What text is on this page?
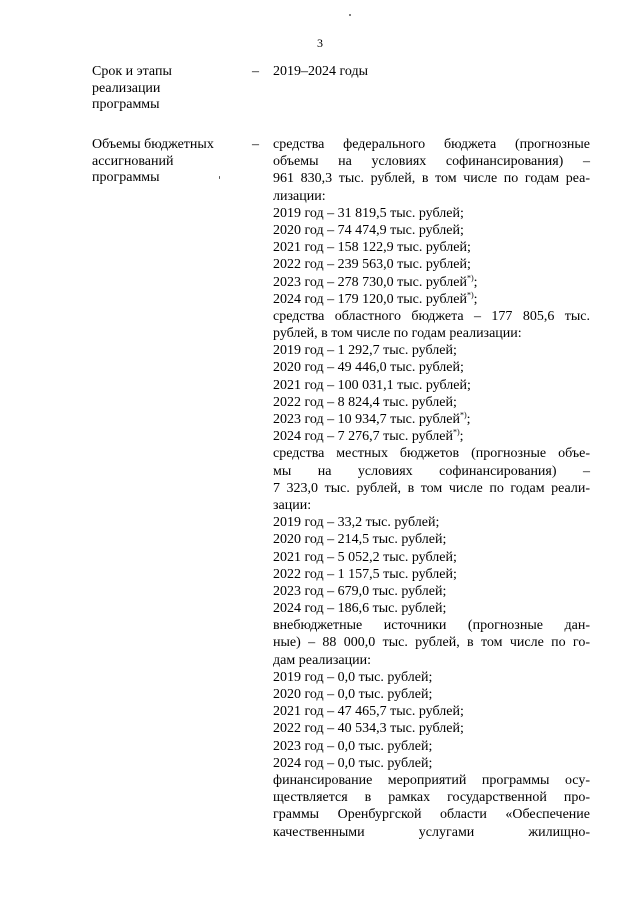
3
Срок и этапы
реализации
программы
– 2019–2024 годы
Объемы бюджетных
ассигнований
программы
– средства федерального бюджета (прогнозные
объемы на условиях софинансирования) –
961 830,3 тыс. рублей, в том числе по годам реа-
лизации:
2019 год – 31 819,5 тыс. рублей;
2020 год – 74 474,9 тыс. рублей;
2021 год – 158 122,9 тыс. рублей;
2022 год – 239 563,0 тыс. рублей;
2023 год – 278 730,0 тыс. рублей*);
2024 год – 179 120,0 тыс. рублей*);
средства областного бюджета – 177 805,6 тыс.
рублей, в том числе по годам реализации:
2019 год – 1 292,7 тыс. рублей;
2020 год – 49 446,0 тыс. рублей;
2021 год – 100 031,1 тыс. рублей;
2022 год – 8 824,4 тыс. рублей;
2023 год – 10 934,7 тыс. рублей*);
2024 год – 7 276,7 тыс. рублей*);
средства местных бюджетов (прогнозные объе-
мы на условиях софинансирования) –
7 323,0 тыс. рублей, в том числе по годам реали-
зации:
2019 год – 33,2 тыс. рублей;
2020 год – 214,5 тыс. рублей;
2021 год – 5 052,2 тыс. рублей;
2022 год – 1 157,5 тыс. рублей;
2023 год – 679,0 тыс. рублей;
2024 год – 186,6 тыс. рублей;
внебюджетные источники (прогнозные дан-
ные) – 88 000,0 тыс. рублей, в том числе по го-
дам реализации:
2019 год – 0,0 тыс. рублей;
2020 год – 0,0 тыс. рублей;
2021 год – 47 465,7 тыс. рублей;
2022 год – 40 534,3 тыс. рублей;
2023 год – 0,0 тыс. рублей;
2024 год – 0,0 тыс. рублей;
финансирование мероприятий программы осу-
ществляется в рамках государственной про-
граммы Оренбургской области «Обеспечение
качественными услугами жилищно-
